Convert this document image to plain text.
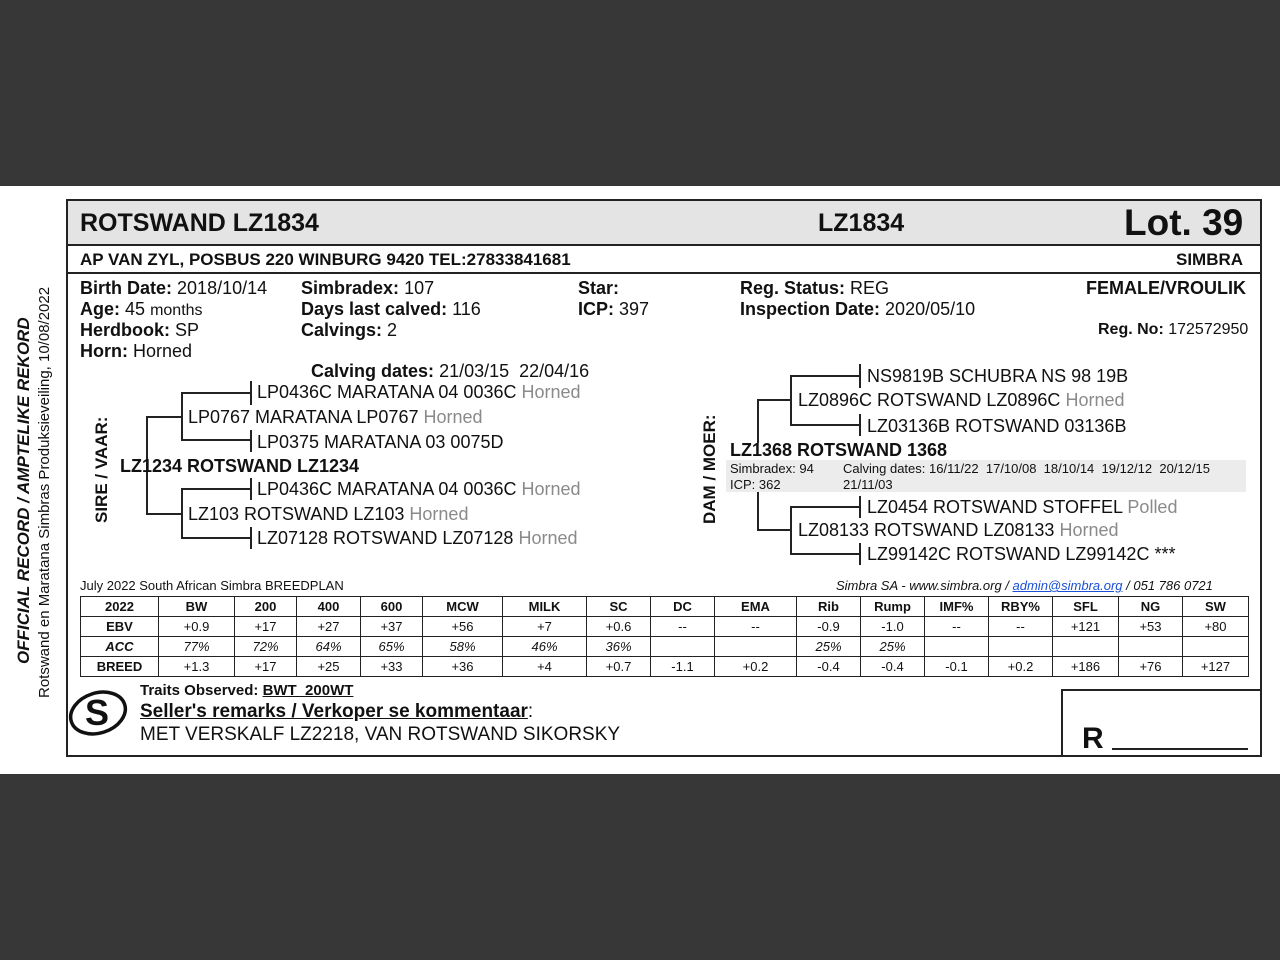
OFFICIAL RECORD / AMPTELIKE REKORD Rotswand en Maratana Simbras Produksieveiling, 10/08/2022
ROTSWAND LZ1834	LZ1834	Lot. 39
AP VAN ZYL, POSBUS 220 WINBURG 9420 TEL:27833841681	SIMBRA
Birth Date: 2018/10/14
Age: 45 months
Herdbook: SP
Horn: Horned
Simbradex: 107
Days last calved: 116
Calvings: 2

Calving dates: 21/03/15  22/04/16
Star:
ICP: 397
Reg. Status: REG
Inspection Date: 2020/05/10
FEMALE/VROULIK
Reg. No: 172572950
SIRE / VAAR:
LP0436C MARATANA 04 0036C Horned
LP0767 MARATANA LP0767 Horned
LP0375 MARATANA 03 0075D
LZ1234 ROTSWAND LZ1234
LP0436C MARATANA 04 0036C Horned
LZ103 ROTSWAND LZ103 Horned
LZ07128 ROTSWAND LZ07128 Horned
DAM / MOER:
NS9819B SCHUBRA NS 98 19B
LZ0896C ROTSWAND LZ0896C Horned
LZ03136B ROTSWAND 03136B
LZ1368 ROTSWAND 1368
Simbradex: 94
ICP: 362
Calving dates: 16/11/22  17/10/08  18/10/14  19/12/12  20/12/15
21/11/03
LZ0454 ROTSWAND STOFFEL Polled
LZ08133 ROTSWAND LZ08133 Horned
LZ99142C ROTSWAND LZ99142C ***
July 2022 South African Simbra BREEDPLAN	Simbra SA - www.simbra.org / admin@simbra.org / 051 786 0721
2022	BW	200	400	600	MCW	MILK	SC	DC	EMA	Rib	Rump	IMF%	RBY%	SFL	NG	SW
EBV	+0.9	+17	+27	+37	+56	+7	+0.6	--	--	-0.9	-1.0	--	--	+121	+53	+80
ACC	77%	72%	64%	65%	58%	46%	36%			25%	25%					
BREED	+1.3	+17	+25	+33	+36	+4	+0.7	-1.1	+0.2	-0.4	-0.4	-0.1	+0.2	+186	+76	+127
S
Traits Observed: BWT  200WT
Seller's remarks / Verkoper se kommentaar:
MET VERSKALF LZ2218, VAN ROTSWAND SIKORSKY	R
